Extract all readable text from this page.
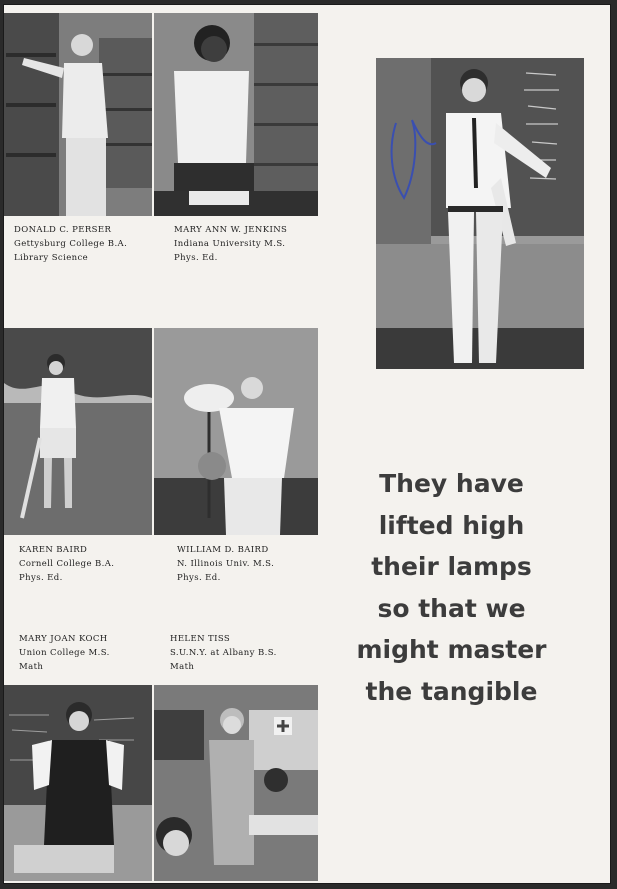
DONALD C. PERSER
Gettysburg College B.A.
Library Science
MARY ANN W. JENKINS
Indiana University M.S.
Phys. Ed.
KAREN BAIRD
Cornell College B.A.
Phys. Ed.
WILLIAM D. BAIRD
N. Illinois Univ. M.S.
Phys. Ed.
MARY JOAN KOCH
Union College M.S.
Math
HELEN TISS
S.U.N.Y. at Albany B.S.
Math
They have
lifted high
their lamps
so that we
might master
the tangible
